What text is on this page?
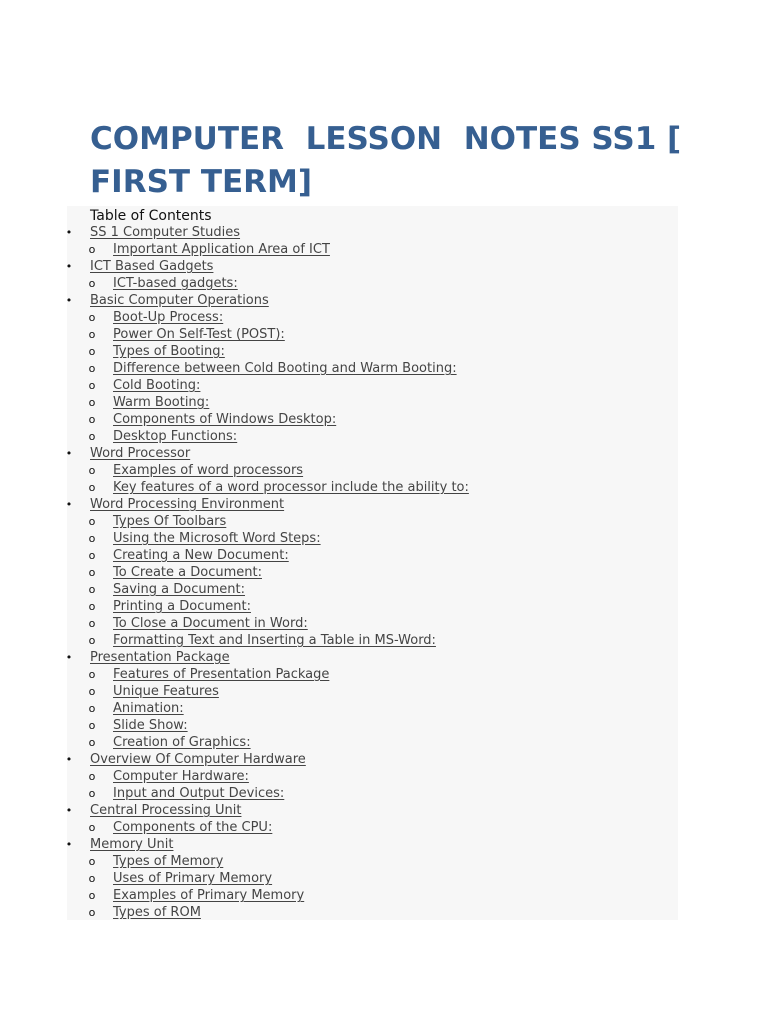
COMPUTER  LESSON  NOTES SS1 [ FIRST TERM]
Table of Contents
• SS 1 Computer Studies
o Important Application Area of ICT
• ICT Based Gadgets
o ICT-based gadgets:
• Basic Computer Operations
o Boot-Up Process:
o Power On Self-Test (POST):
o Types of Booting:
o Difference between Cold Booting and Warm Booting:
o Cold Booting:
o Warm Booting:
o Components of Windows Desktop:
o Desktop Functions:
• Word Processor
o Examples of word processors
o Key features of a word processor include the ability to:
• Word Processing Environment
o Types Of Toolbars
o Using the Microsoft Word Steps:
o Creating a New Document:
o To Create a Document:
o Saving a Document:
o Printing a Document:
o To Close a Document in Word:
o Formatting Text and Inserting a Table in MS-Word:
• Presentation Package
o Features of Presentation Package
o Unique Features
o Animation:
o Slide Show:
o Creation of Graphics:
• Overview Of Computer Hardware
o Computer Hardware:
o Input and Output Devices:
• Central Processing Unit
o Components of the CPU:
• Memory Unit
o Types of Memory
o Uses of Primary Memory
o Examples of Primary Memory
o Types of ROM
